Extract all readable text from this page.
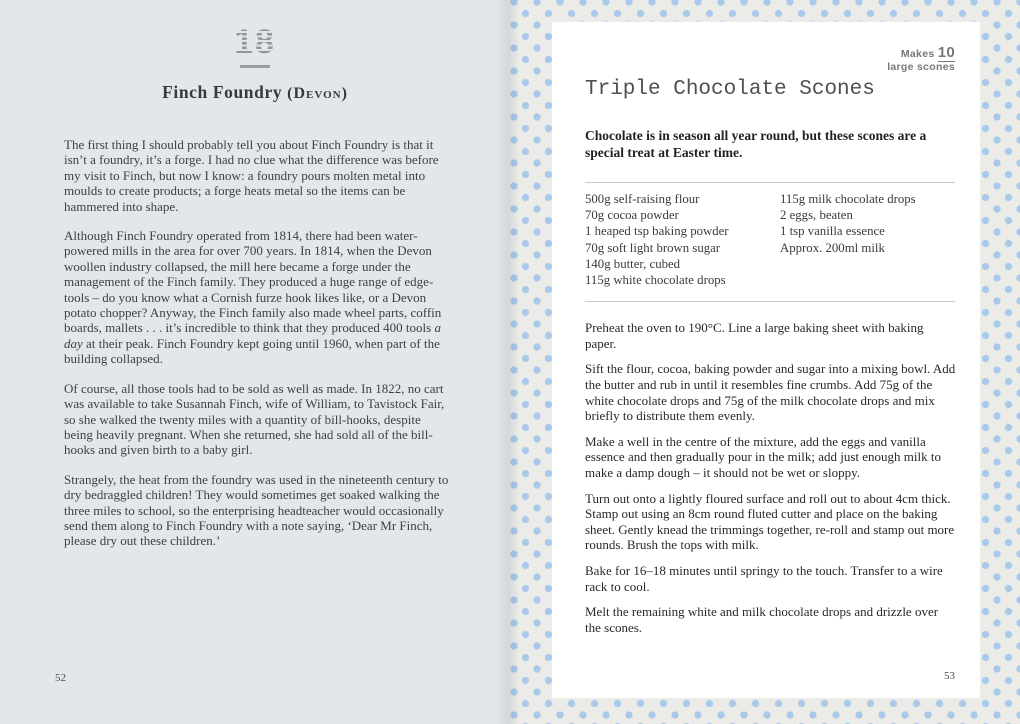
18
Finch Foundry (Devon)

The first thing I should probably tell you about Finch Foundry is that it isn’t a foundry, it’s a forge. I had no clue what the difference was before my visit to Finch, but now I know: a foundry pours molten metal into moulds to create products; a forge heats metal so the items can be hammered into shape.

Although Finch Foundry operated from 1814, there had been water-powered mills in the area for over 700 years. In 1814, when the Devon woollen industry collapsed, the mill here became a forge under the management of the Finch family. They produced a huge range of edge-tools – do you know what a Cornish furze hook likes like, or a Devon potato chopper? Anyway, the Finch family also made wheel parts, coffin boards, mallets . . . it’s incredible to think that they produced 400 tools a day at their peak. Finch Foundry kept going until 1960, when part of the building collapsed.

Of course, all those tools had to be sold as well as made. In 1822, no cart was available to take Susannah Finch, wife of William, to Tavistock Fair, so she walked the twenty miles with a quantity of bill-hooks, despite being heavily pregnant. When she returned, she had sold all of the bill-hooks and given birth to a baby girl.

Strangely, the heat from the foundry was used in the nineteenth century to dry bedraggled children! They would sometimes get soaked walking the three miles to school, so the enterprising headteacher would occasionally send them along to Finch Foundry with a note saying, ‘Dear Mr Finch, please dry out these children.’

52
Makes 10
large scones
Triple Chocolate Scones

Chocolate is in season all year round, but these scones are a special treat at Easter time.

500g self-raising flour
70g cocoa powder
1 heaped tsp baking powder
70g soft light brown sugar
140g butter, cubed
115g white chocolate drops
115g milk chocolate drops
2 eggs, beaten
1 tsp vanilla essence
Approx. 200ml milk

Preheat the oven to 190°C. Line a large baking sheet with baking paper.

Sift the flour, cocoa, baking powder and sugar into a mixing bowl. Add the butter and rub in until it resembles fine crumbs. Add 75g of the white chocolate drops and 75g of the milk chocolate drops and mix briefly to distribute them evenly.

Make a well in the centre of the mixture, add the eggs and vanilla essence and then gradually pour in the milk; add just enough milk to make a damp dough – it should not be wet or sloppy.

Turn out onto a lightly floured surface and roll out to about 4cm thick. Stamp out using an 8cm round fluted cutter and place on the baking sheet. Gently knead the trimmings together, re-roll and stamp out more rounds. Brush the tops with milk.

Bake for 16–18 minutes until springy to the touch. Transfer to a wire rack to cool.

Melt the remaining white and milk chocolate drops and drizzle over the scones.

53
